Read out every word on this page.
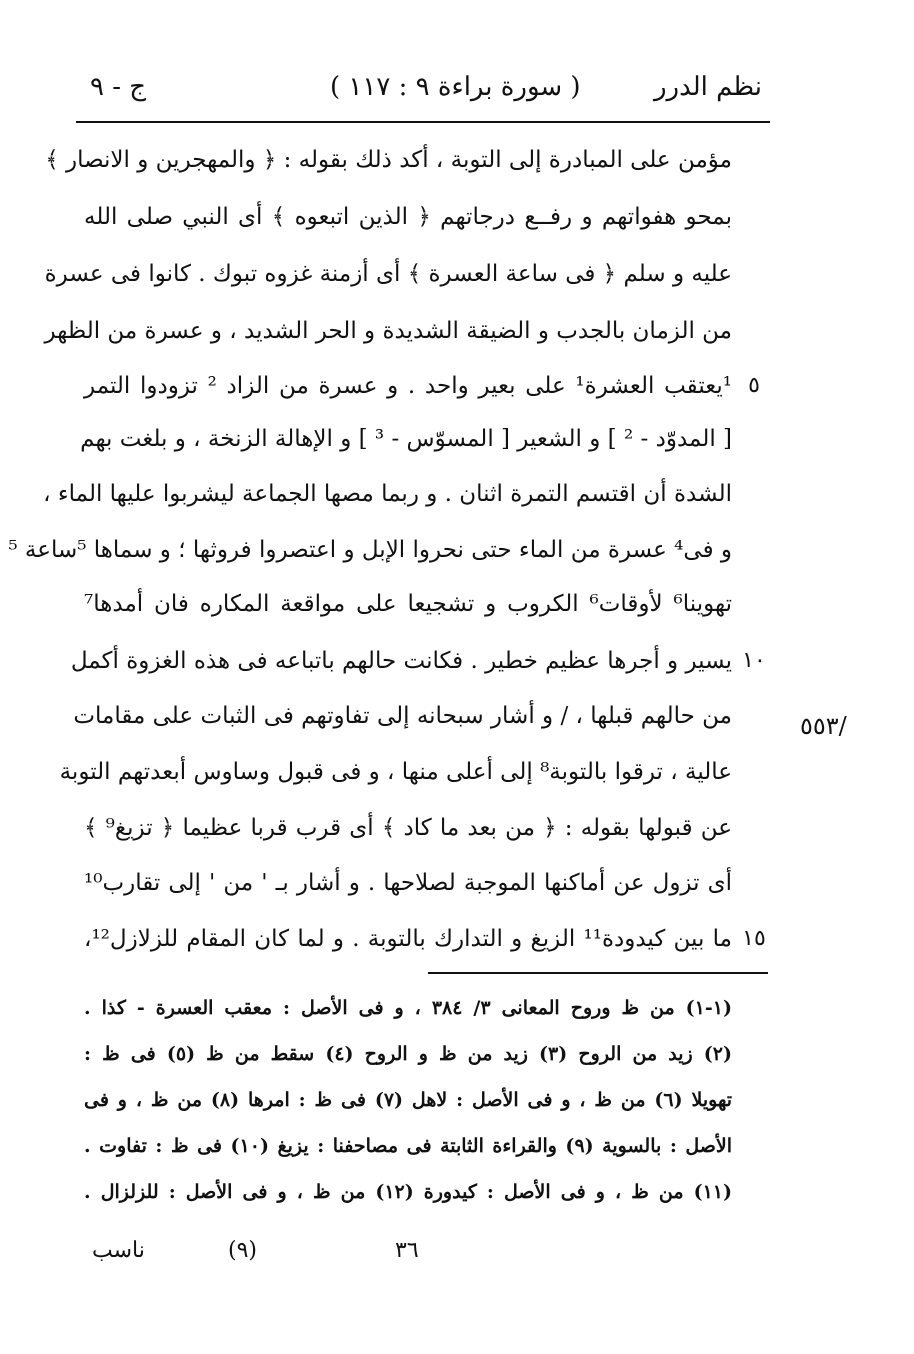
نظم الدرر
( سورة براءة ٩ : ١١٧ )
ج - ٩
مؤمن على المبادرة إلى التوبة ، أكد ذلك بقوله : ﴿ والمهجرين و الانصار ﴾
بمحو هفواتهم و رفــع درجاتهم ﴿ الذين اتبعوه ﴾ أى النبي صلى الله
عليه و سلم ﴿ فى ساعة العسرة ﴾ أى أزمنة غزوه تبوك . كانوا فى عسرة
من الزمان بالجدب و الضيقة الشديدة و الحر الشديد ، و عسرة من الظهر
¹يعتقب العشرة¹ على بعير واحد . و عسرة من الزاد ² تزودوا التمر
[ المدوّد - ² ] و الشعير [ المسوّس - ³ ] و الإهالة الزنخة ، و بلغت بهم
الشدة أن اقتسم التمرة اثنان . و ربما مصها الجماعة ليشربوا عليها الماء ،
و فى⁴ عسرة من الماء حتى نحروا الإبل و اعتصروا فروثها ؛ و سماها ⁵ساعة ⁵
تهوينا⁶ لأوقات⁶ الكروب و تشجيعا على مواقعة المكاره فان أمدها⁷
يسير و أجرها عظيم خطير . فكانت حالهم باتباعه فى هذه الغزوة أكمل
من حالهم قبلها ، / و أشار سبحانه إلى تفاوتهم فى الثبات على مقامات
عالية ، ترقوا بالتوبة⁸ إلى أعلى منها ، و فى قبول وساوس أبعدتهم التوبة
عن قبولها بقوله : ﴿ من بعد ما كاد ﴾ أى قرب قربا عظيما ﴿ تزيغ⁹ ﴾
أى تزول عن أماكنها الموجبة لصلاحها . و أشار بـ ' من ' إلى تقارب¹⁰
ما بين كيدودة¹¹ الزيغ و التدارك بالتوبة . و لما كان المقام للزلازل¹²،
٥
١٠
١٥
٥٥٣/
(١-١) من ظ وروح المعانى ٣/ ٣٨٤ ، و فى الأصل : معقب العسرة - كذا .
(٢) زيد من الروح (٣) زيد من ظ و الروح (٤) سقط من ظ (٥) فى ظ :
تهويلا (٦) من ظ ، و فى الأصل : لاهل (٧) فى ظ : امرها (٨) من ظ ، و فى
الأصل : بالسوية (٩) والقراءة الثابتة فى مصاحفنا : يزيغ (١٠) فى ظ : تفاوت .
(١١) من ظ ، و فى الأصل : كيدورة (١٢) من ظ ، و فى الأصل : للزلزال .
٣٦
(٩)
ناسب
